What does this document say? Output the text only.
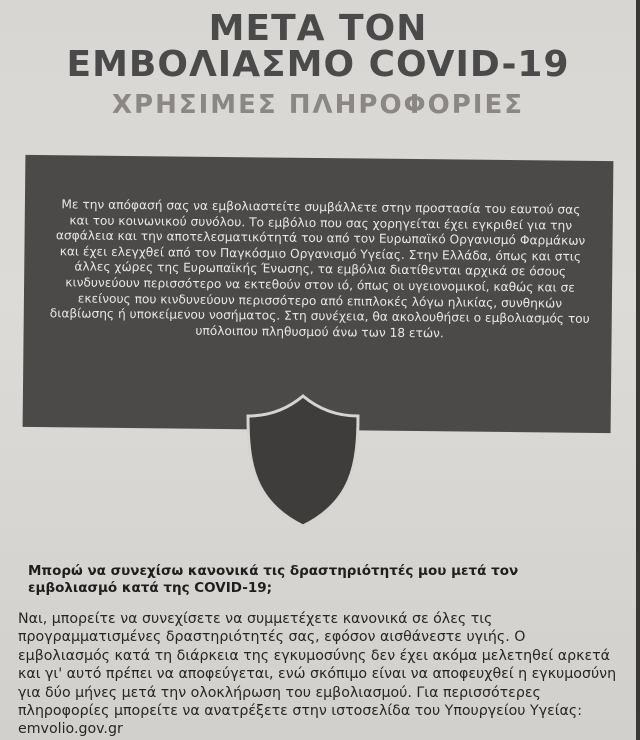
ΜΕΤΑ ΤΟΝ
ΕΜΒΟΛΙΑΣΜΟ COVID-19
ΧΡΗΣΙΜΕΣ ΠΛΗΡΟΦΟΡΙΕΣ

Με την απόφασή σας να εμβολιαστείτε συμβάλλετε στην προστασία του εαυτού σας και του κοινωνικού συνόλου. Το εμβόλιο που σας χορηγείται έχει εγκριθεί για την ασφάλεια και την αποτελεσματικότητά του από τον Ευρωπαϊκό Οργανισμό Φαρμάκων και έχει ελεγχθεί από τον Παγκόσμιο Οργανισμό Υγείας. Στην Ελλάδα, όπως και στις άλλες χώρες της Ευρωπαϊκής Ένωσης, τα εμβόλια διατίθενται αρχικά σε όσους κινδυνεύουν περισσότερο να εκτεθούν στον ιό, όπως οι υγειονομικοί, καθώς και σε εκείνους που κινδυνεύουν περισσότερο από επιπλοκές λόγω ηλικίας, συνθηκών διαβίωσης ή υποκείμενου νοσήματος. Στη συνέχεια, θα ακολουθήσει ο εμβολιασμός του υπόλοιπου πληθυσμού άνω των 18 ετών.

Μπορώ να συνεχίσω κανονικά τις δραστηριότητές μου μετά τον εμβολιασμό κατά της COVID-19;

Ναι, μπορείτε να συνεχίσετε να συμμετέχετε κανονικά σε όλες τις προγραμματισμένες δραστηριότητές σας, εφόσον αισθάνεστε υγιής. Ο εμβολιασμός κατά τη διάρκεια της εγκυμοσύνης δεν έχει ακόμα μελετηθεί αρκετά και γι' αυτό πρέπει να αποφεύγεται, ενώ σκόπιμο είναι να αποφευχθεί η εγκυμοσύνη για δύο μήνες μετά την ολοκλήρωση του εμβολιασμού. Για περισσότερες πληροφορίες μπορείτε να ανατρέξετε στην ιστοσελίδα του Υπουργείου Υγείας: emvolio.gov.gr
